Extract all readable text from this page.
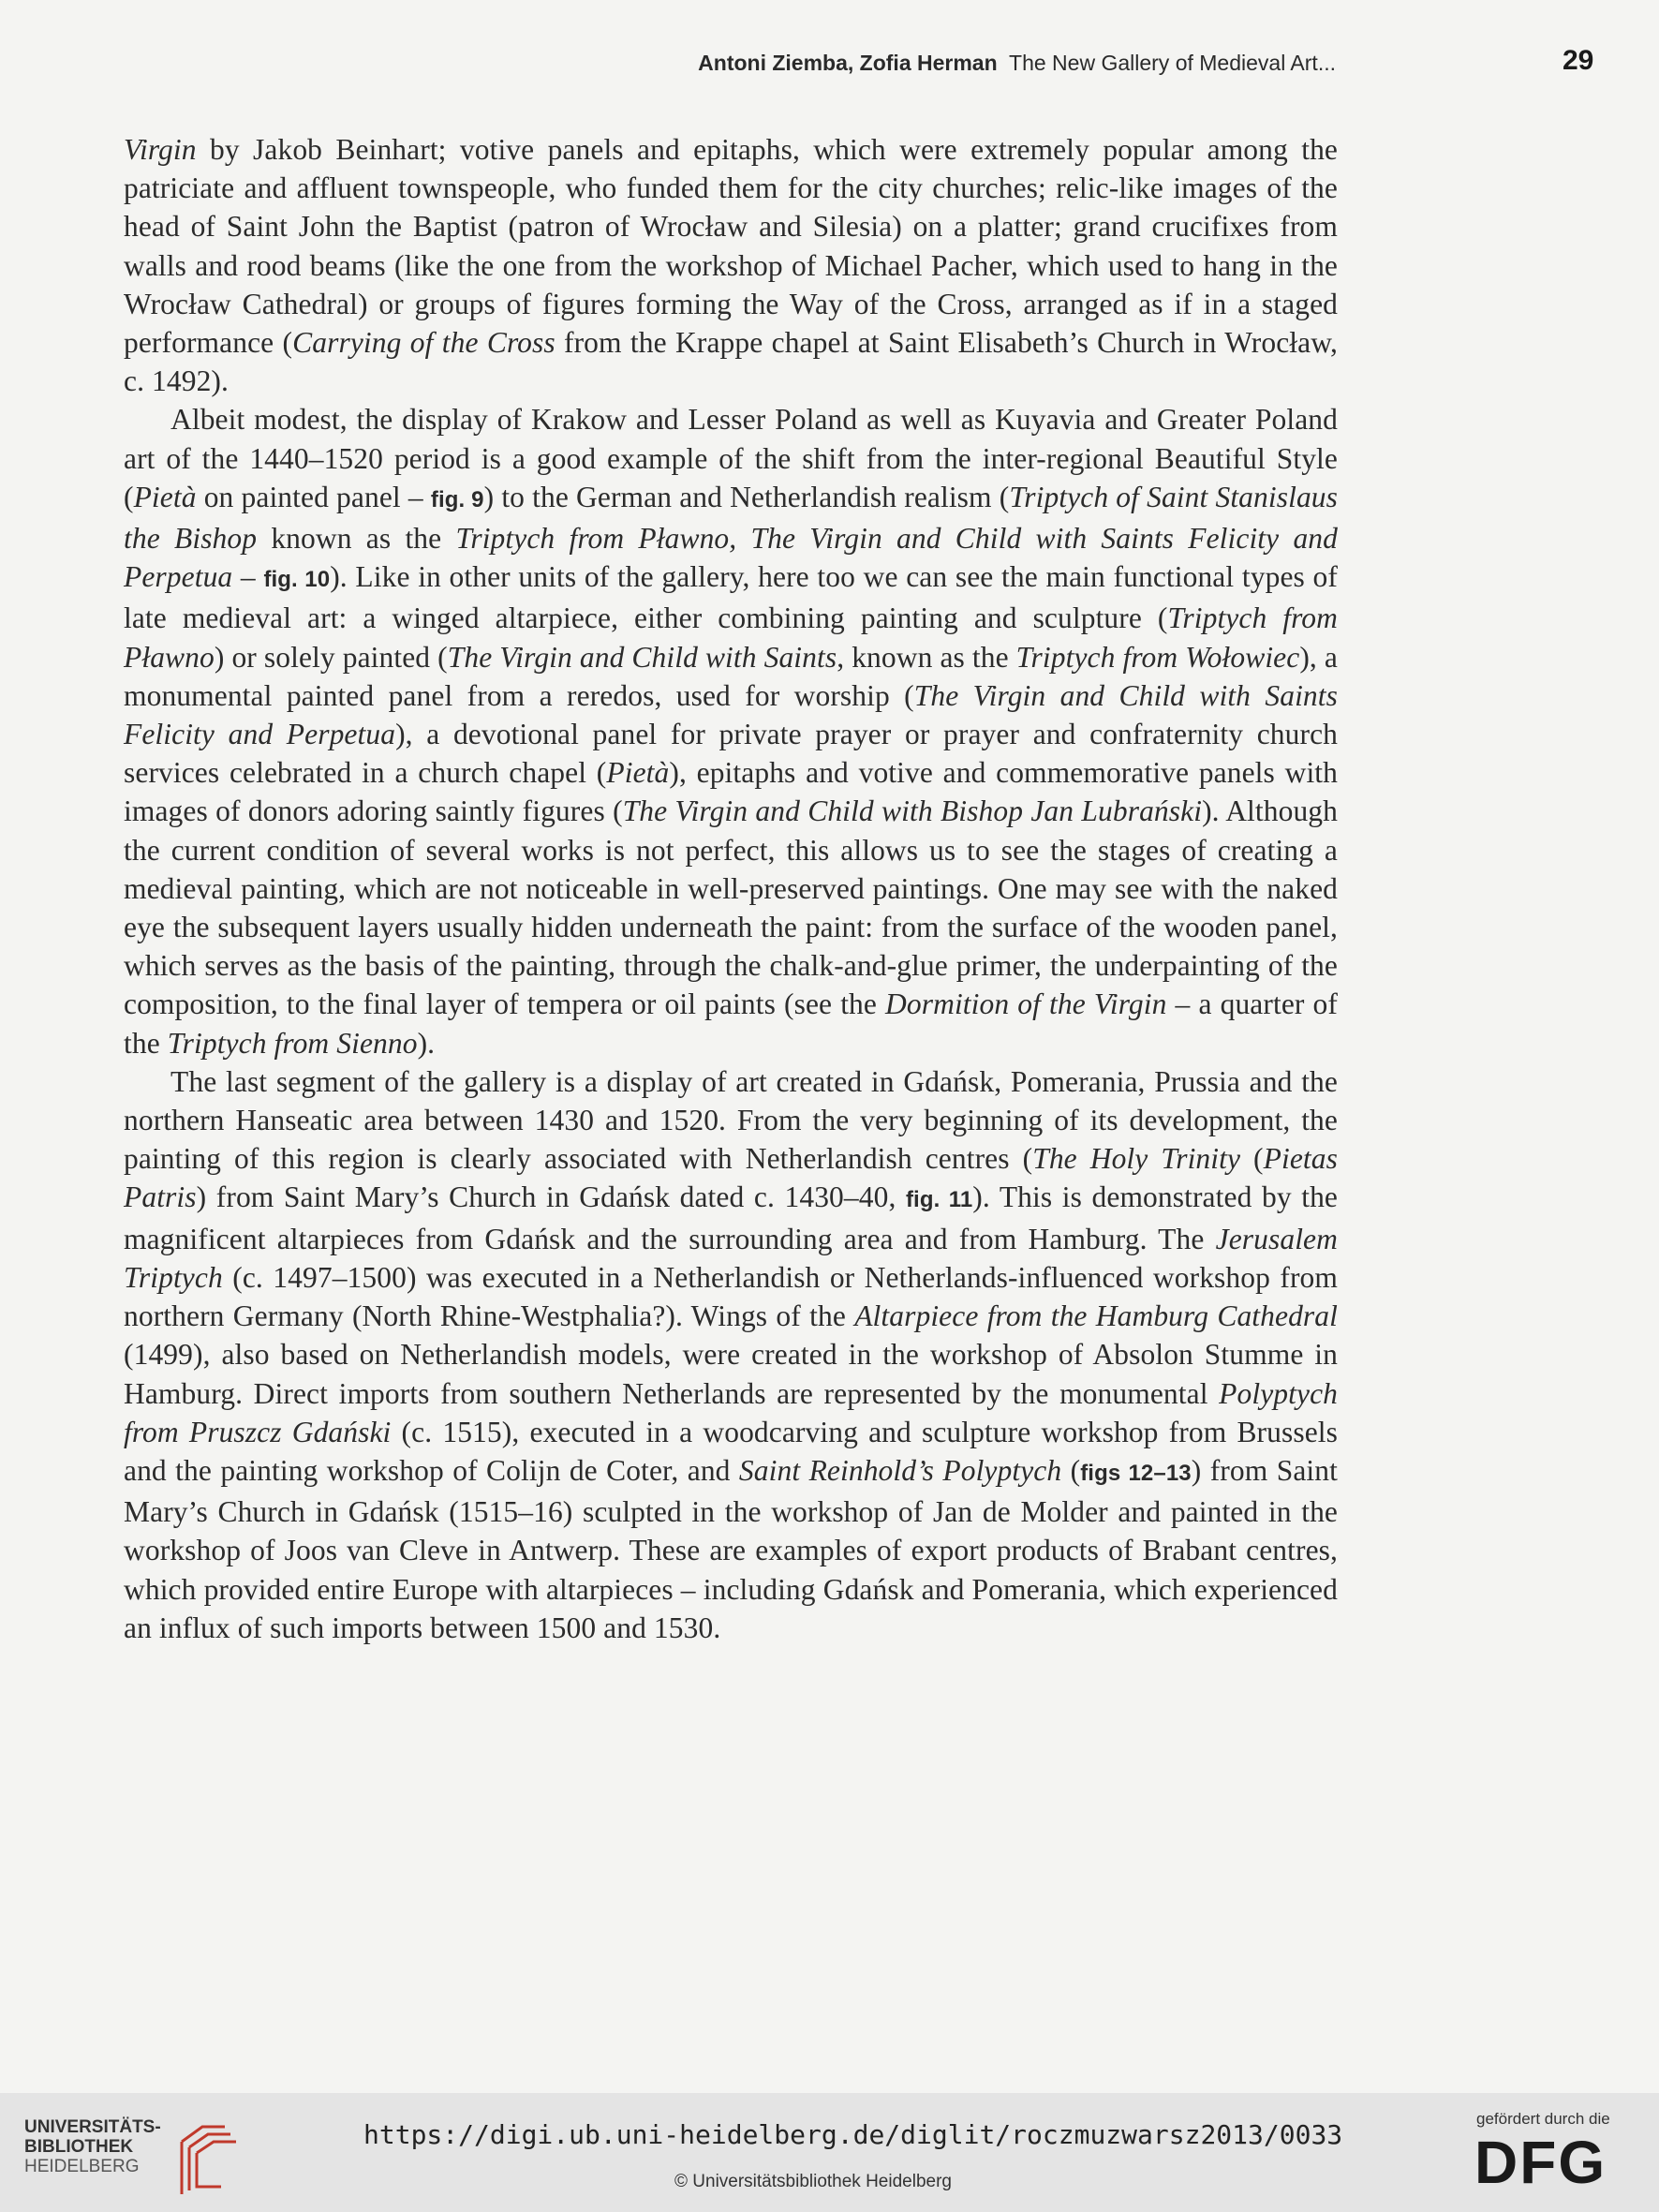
Antoni Ziemba, Zofia Herman The New Gallery of Medieval Art...	29

Virgin by Jakob Beinhart; votive panels and epitaphs, which were extremely popular among the patriciate and affluent townspeople, who funded them for the city churches; relic-like images of the head of Saint John the Baptist (patron of Wrocław and Silesia) on a platter; grand crucifixes from walls and rood beams (like the one from the workshop of Michael Pacher, which used to hang in the Wrocław Cathedral) or groups of figures forming the Way of the Cross, arranged as if in a staged performance (Carrying of the Cross from the Krappe chapel at Saint Elisabeth’s Church in Wrocław, c. 1492).

Albeit modest, the display of Krakow and Lesser Poland as well as Kuyavia and Greater Poland art of the 1440–1520 period is a good example of the shift from the inter-regional Beautiful Style (Pietà on painted panel – fig. 9) to the German and Netherlandish realism (Triptych of Saint Stanislaus the Bishop known as the Triptych from Pławno, The Virgin and Child with Saints Felicity and Perpetua – fig. 10). Like in other units of the gallery, here too we can see the main functional types of late medieval art: a winged altarpiece, either combining painting and sculpture (Triptych from Pławno) or solely painted (The Virgin and Child with Saints, known as the Triptych from Wołowiec), a monumental painted panel from a reredos, used for worship (The Virgin and Child with Saints Felicity and Perpetua), a devotional panel for private prayer or prayer and confraternity church services celebrated in a church chapel (Pietà), epitaphs and votive and commemorative panels with images of donors adoring saintly figures (The Virgin and Child with Bishop Jan Lubrański). Although the current condition of several works is not perfect, this allows us to see the stages of creating a medieval painting, which are not noticeable in well-preserved paintings. One may see with the naked eye the subsequent layers usually hidden underneath the paint: from the surface of the wooden panel, which serves as the basis of the painting, through the chalk-and-glue primer, the underpainting of the composition, to the final layer of tempera or oil paints (see the Dormition of the Virgin – a quarter of the Triptych from Sienno).

The last segment of the gallery is a display of art created in Gdańsk, Pomerania, Prussia and the northern Hanseatic area between 1430 and 1520. From the very beginning of its development, the painting of this region is clearly associated with Netherlandish centres (The Holy Trinity (Pietas Patris) from Saint Mary’s Church in Gdańsk dated c. 1430–40, fig. 11). This is demonstrated by the magnificent altarpieces from Gdańsk and the surrounding area and from Hamburg. The Jerusalem Triptych (c. 1497–1500) was executed in a Netherlandish or Netherlands-influenced workshop from northern Germany (North Rhine-Westphalia?). Wings of the Altarpiece from the Hamburg Cathedral (1499), also based on Netherlandish models, were created in the workshop of Absolon Stumme in Hamburg. Direct imports from southern Netherlands are represented by the monumental Polyptych from Pruszcz Gdański (c. 1515), executed in a woodcarving and sculpture workshop from Brussels and the painting workshop of Colijn de Coter, and Saint Reinhold’s Polyptych (figs 12–13) from Saint Mary’s Church in Gdańsk (1515–16) sculpted in the workshop of Jan de Molder and painted in the workshop of Joos van Cleve in Antwerp. These are examples of export products of Brabant centres, which provided entire Europe with altarpieces – including Gdańsk and Pomerania, which experienced an influx of such imports between 1500 and 1530.

UNIVERSITÄTS-
BIBLIOTHEK
HEIDELBERG
https://digi.ub.uni-heidelberg.de/diglit/roczmuzwarsz2013/0033
© Universitätsbibliothek Heidelberg
gefördert durch die
DFG
